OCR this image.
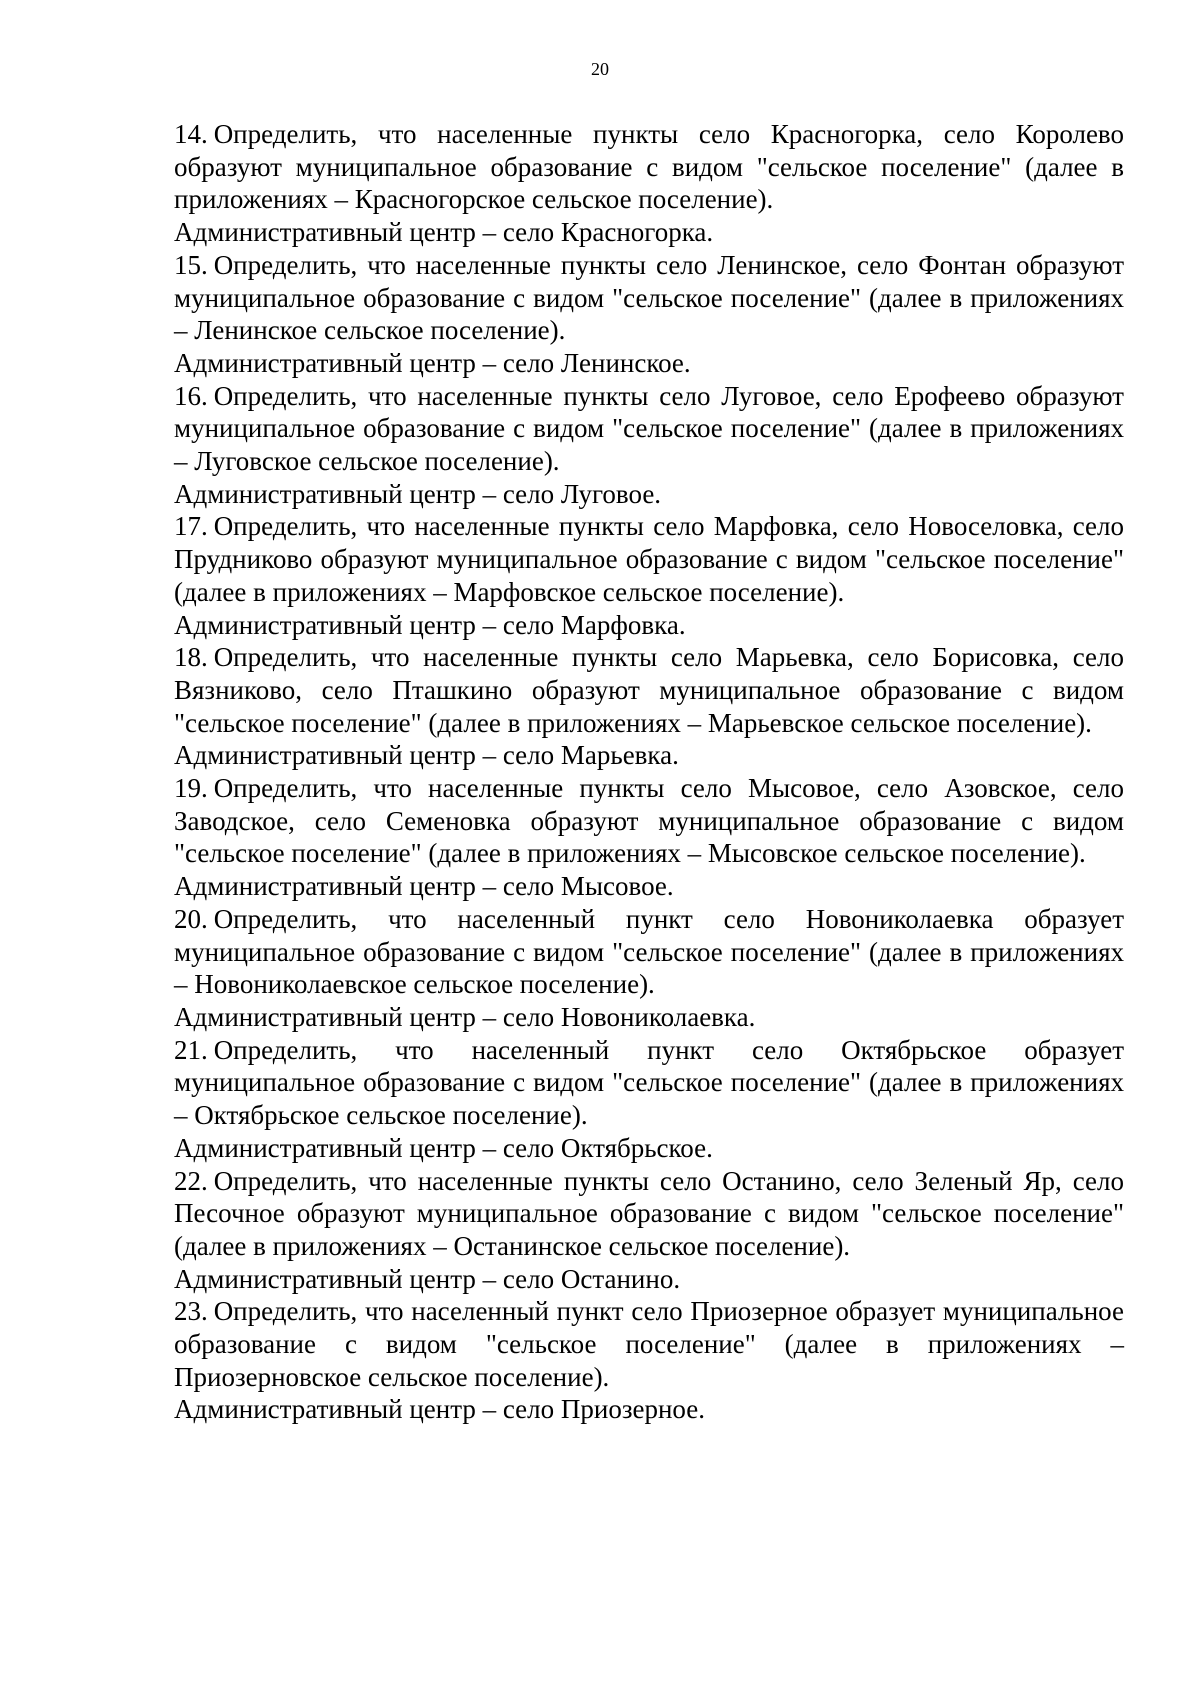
20

14. Определить, что населенные пункты село Красногорка, село Королево образуют муниципальное образование с видом "сельское поселение" (далее в приложениях – Красногорское сельское поселение).

Административный центр – село Красногорка.

15. Определить, что населенные пункты село Ленинское, село Фонтан образуют муниципальное образование с видом "сельское поселение" (далее в приложениях – Ленинское сельское поселение).

Административный центр – село Ленинское.

16. Определить, что населенные пункты село Луговое, село Ерофеево образуют муниципальное образование с видом "сельское поселение" (далее в приложениях – Луговское сельское поселение).

Административный центр – село Луговое.

17. Определить, что населенные пункты село Марфовка, село Новоселовка, село Прудниково образуют муниципальное образование с видом "сельское поселение" (далее в приложениях – Марфовское сельское поселение).

Административный центр – село Марфовка.

18. Определить, что населенные пункты село Марьевка, село Борисовка, село Вязниково, село Пташкино образуют муниципальное образование с видом "сельское поселение" (далее в приложениях – Марьевское сельское поселение).

Административный центр – село Марьевка.

19. Определить, что населенные пункты село Мысовое, село Азовское, село Заводское, село Семеновка образуют муниципальное образование с видом "сельское поселение" (далее в приложениях – Мысовское сельское поселение).

Административный центр – село Мысовое.

20. Определить, что населенный пункт село Новониколаевка образует муниципальное образование с видом "сельское поселение" (далее в приложениях – Новониколаевское сельское поселение).

Административный центр – село Новониколаевка.

21. Определить, что населенный пункт село Октябрьское образует муниципальное образование с видом "сельское поселение" (далее в приложениях – Октябрьское сельское поселение).

Административный центр – село Октябрьское.

22. Определить, что населенные пункты село Останино, село Зеленый Яр, село Песочное образуют муниципальное образование с видом "сельское поселение" (далее в приложениях – Останинское сельское поселение).

Административный центр – село Останино.

23. Определить, что населенный пункт село Приозерное образует муниципальное образование с видом "сельское поселение" (далее в приложениях – Приозерновское сельское поселение).

Административный центр – село Приозерное.
